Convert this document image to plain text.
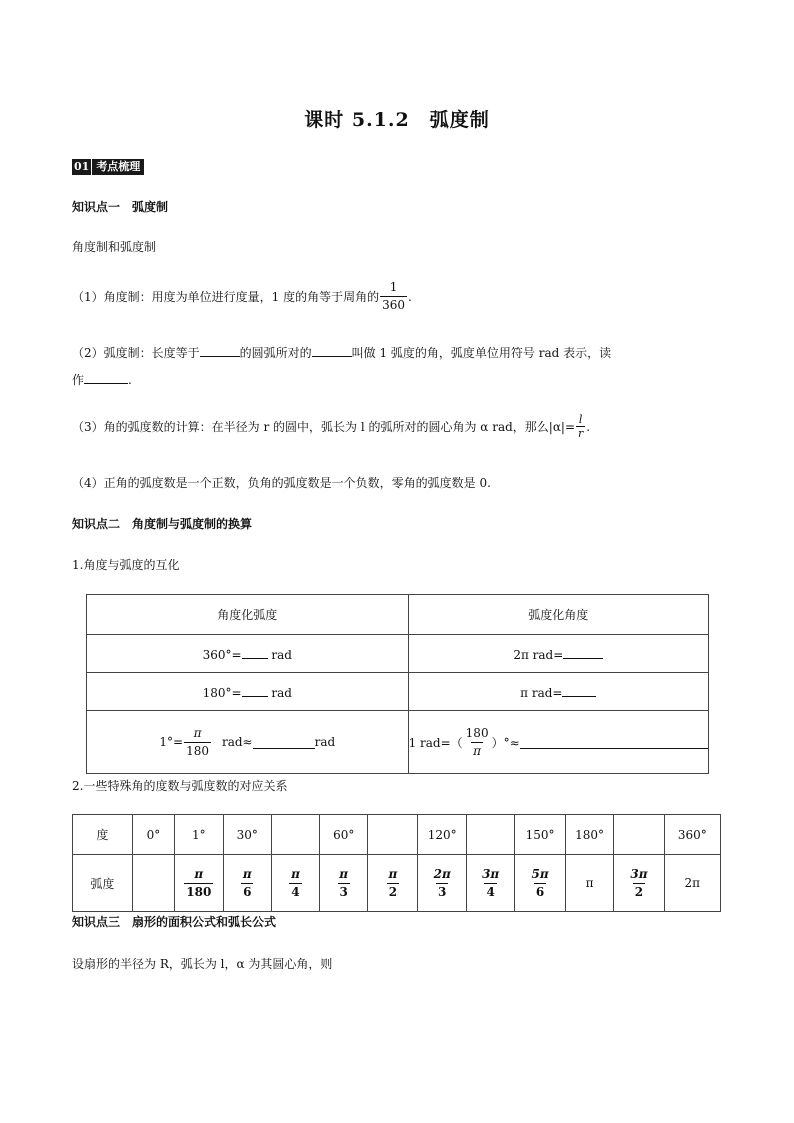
课时 5.1.2　弧度制
01 考点梳理
知识点一　弧度制
角度制和弧度制
（1）角度制：用度为单位进行度量，1 度的角等于周角的 $\frac{1}{360}$ .
（2）弧度制：长度等于	的圆弧所对的	叫做 1 弧度的角，弧度单位用符号 rad 表示，读
作	.
（3）角的弧度数的计算：在半径为 r 的圆中，弧长为 l 的弧所对的圆心角为 α rad，那么$|\alpha|= \frac{l}{r}$ .
（4）正角的弧度数是一个正数，负角的弧度数是一个负数，零角的弧度数是 0.
知识点二　角度制与弧度制的换算
1.角度与弧度的互化
角度化弧度	弧度化角度
360°= rad	2π rad=
180°= rad	π rad=

$1^\circ= \frac{\pi}{180} rad\approx$ rad	1 $rad=( \frac{180}{\pi}$ ）°≈
2.一些特殊角的度数与弧度数的对应关系
度	0°	1°	30°		60°		120°		150°	180°		360°
弧度		$\frac{\pi}{180}$	$\frac{\pi}{6}$	$\frac{\pi}{4}$	$\frac{\pi}{3}$	$\frac{\pi}{2}$	$\frac{2\pi}{3}$	$\frac{3\pi}{4}$	$\frac{5\pi}{6}$	π	$\frac{3\pi}{2}$	2π
知识点三　扇形的面积公式和弧长公式
设扇形的半径为 R，弧长为 l，α 为其圆心角，则
